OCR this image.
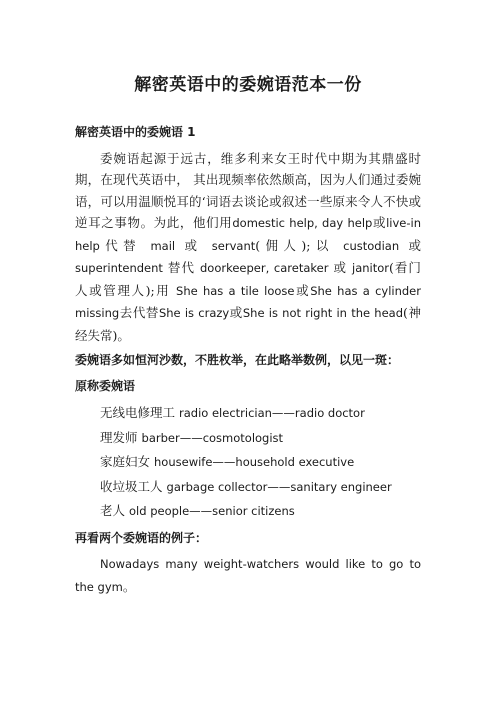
解密英语中的委婉语范本一份
解密英语中的委婉语 1

委婉语起源于远古，维多利来女王时代中期为其鼎盛时期，在现代英语中， 其出现频率依然颇高，因为人们通过委婉语，可以用温顺悦耳的‘词语去谈论或叙述一些原来令人不快或逆耳之事物。为此，他们用domestic help, day help或live-in help代替 mail 或 servant(佣人);以 custodian 或 superintendent 替代 doorkeeper, caretaker 或 janitor(看门人或管理人);用 She has a tile loose或She has a cylinder missing去代替She is crazy或She is not right in the head(神经失常)。

委婉语多如恒河沙数，不胜枚举，在此略举数例，以见一斑：
原称委婉语
无线电修理工 radio electrician——radio doctor
理发师 barber——cosmotologist
家庭妇女 housewife——household executive
收垃圾工人 garbage collector——sanitary engineer
老人 old people——senior citizens
再看两个委婉语的例子：

Nowadays many weight-watchers would like to go to the gym。
